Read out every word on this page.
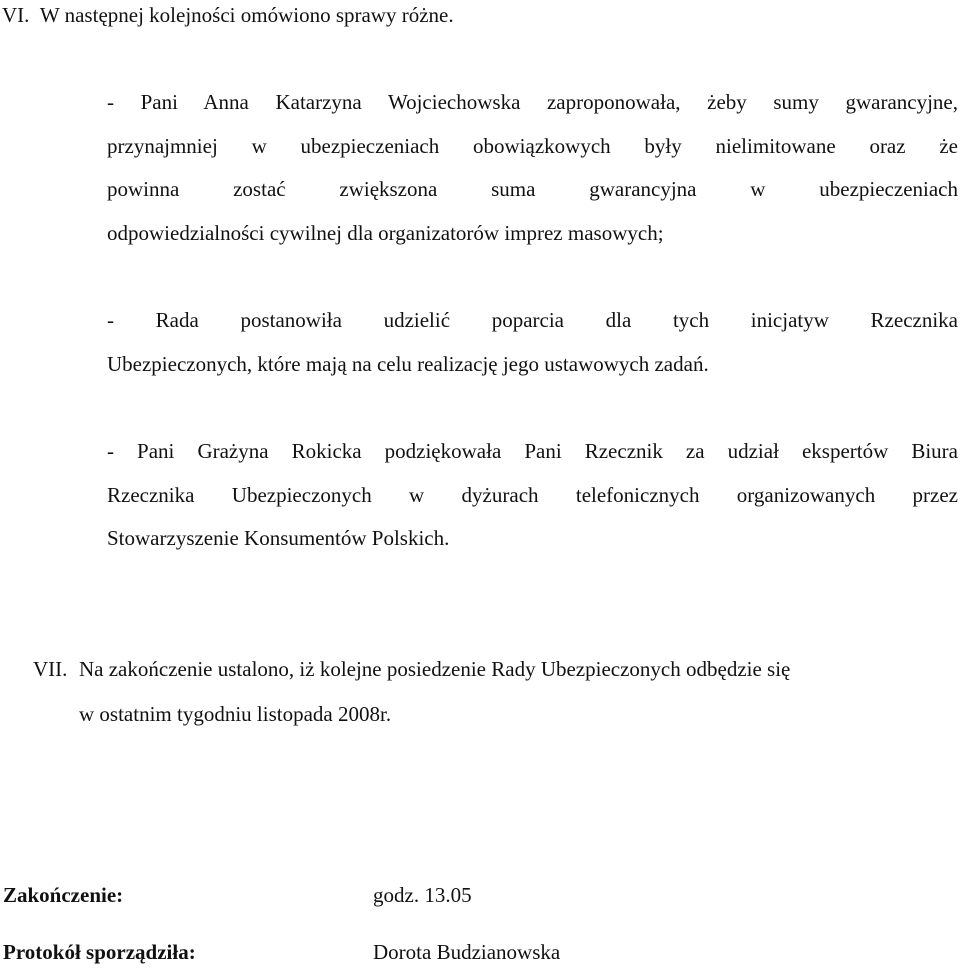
VI. W następnej kolejności omówiono sprawy różne.

- Pani Anna Katarzyna Wojciechowska zaproponowała, żeby sumy gwarancyjne,

przynajmniej w ubezpieczeniach obowiązkowych były nielimitowane oraz że

powinna zostać zwiększona suma gwarancyjna w ubezpieczeniach

odpowiedzialności cywilnej dla organizatorów imprez masowych;

- Rada postanowiła udzielić poparcia dla tych inicjatyw Rzecznika

Ubezpieczonych, które mają na celu realizację jego ustawowych zadań.

- Pani Grażyna Rokicka podziękowała Pani Rzecznik za udział ekspertów Biura

Rzecznika Ubezpieczonych w dyżurach telefonicznych organizowanych przez

Stowarzyszenie Konsumentów Polskich.

VII. Na zakończenie ustalono, iż kolejne posiedzenie Rady Ubezpieczonych odbędzie się

w ostatnim tygodniu listopada 2008r.

Zakończenie:	godz. 13.05

Protokół sporządziła:	Dorota Budzianowska
